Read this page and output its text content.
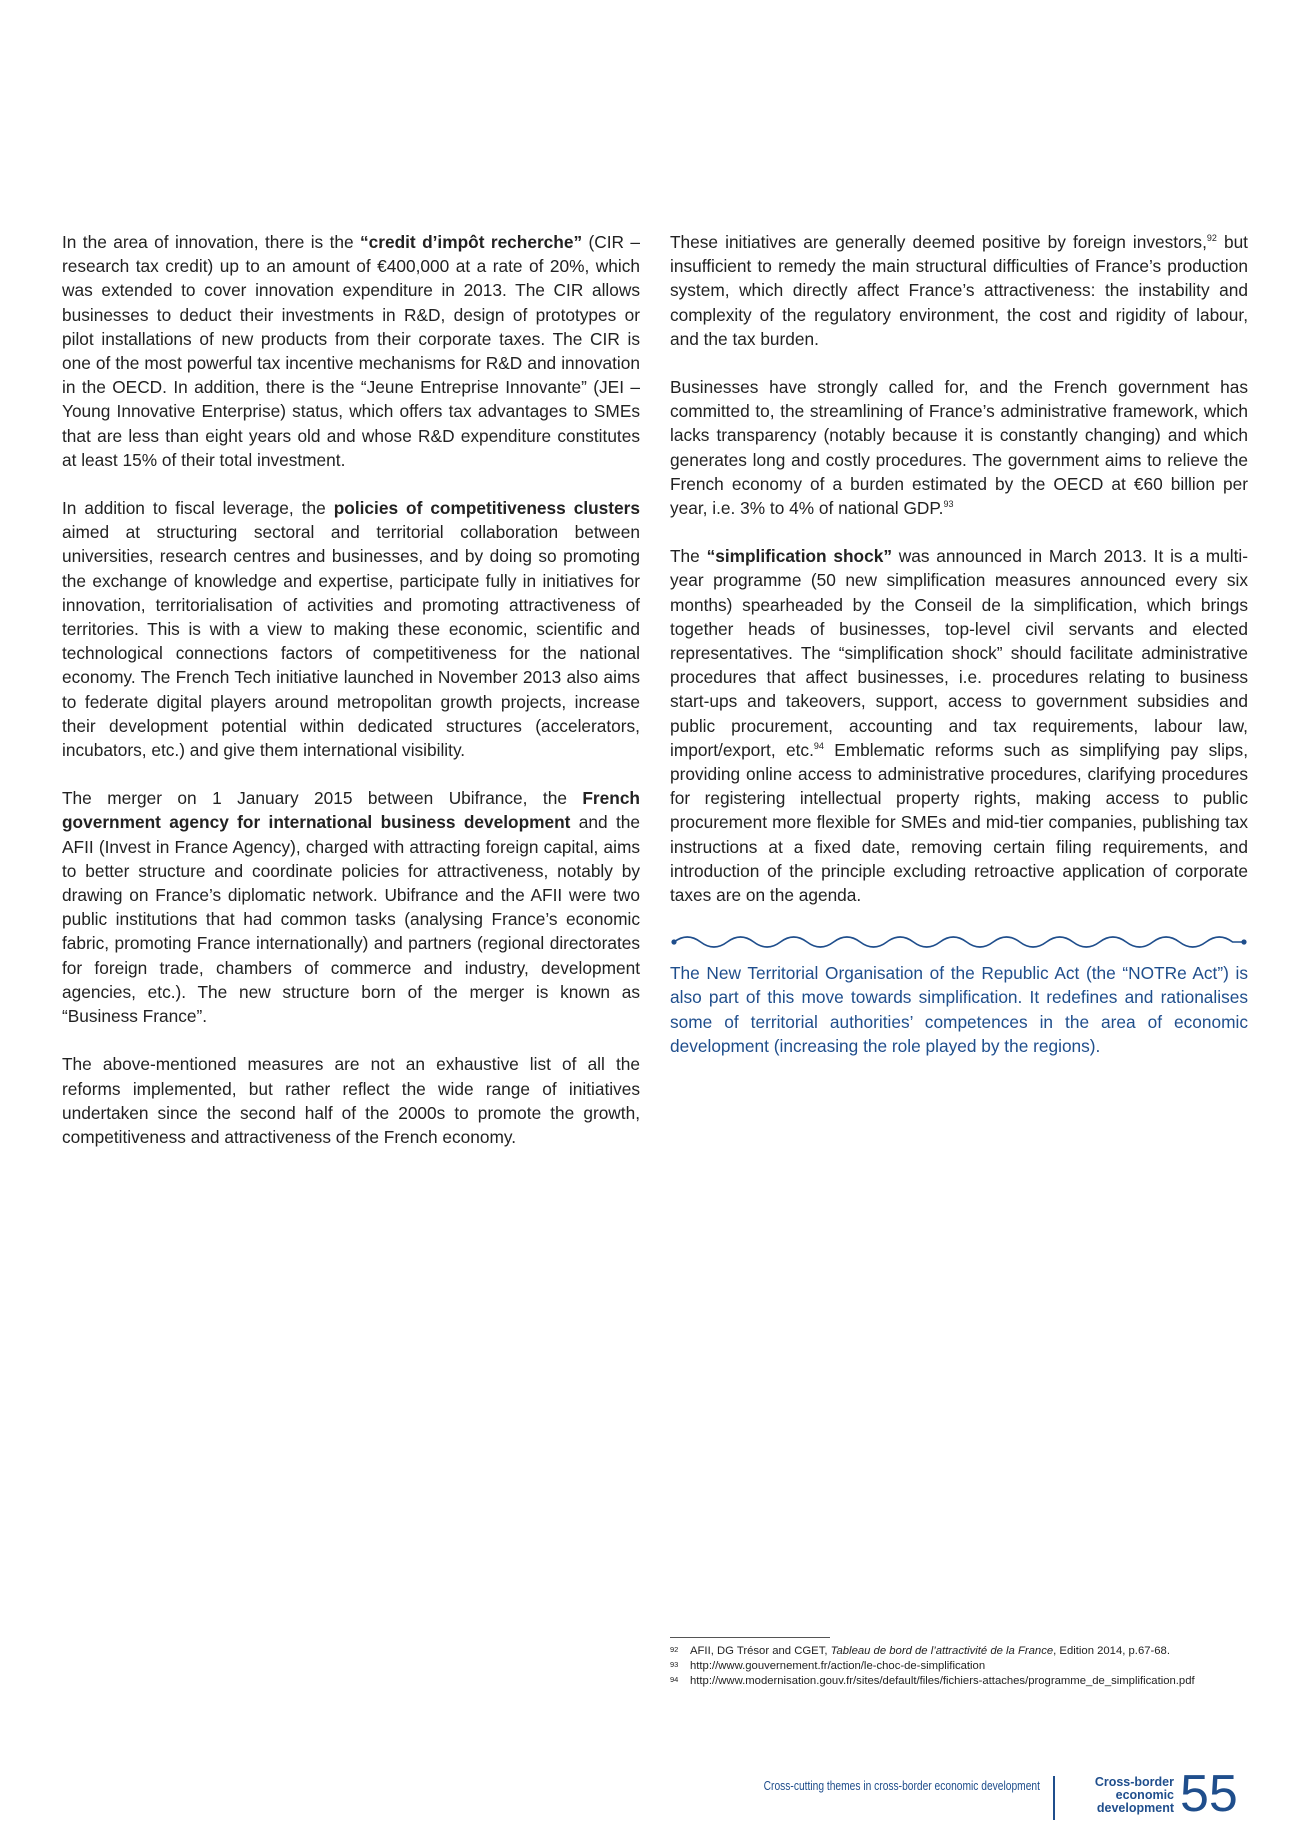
In the area of innovation, there is the “credit d’impôt recherche” (CIR – research tax credit) up to an amount of €400,000 at a rate of 20%, which was extended to cover innovation expenditure in 2013. The CIR allows businesses to deduct their investments in R&D, design of prototypes or pilot installations of new products from their corporate taxes. The CIR is one of the most powerful tax incentive mechanisms for R&D and innovation in the OECD. In addition, there is the “Jeune Entreprise Innovante” (JEI – Young Innovative Enterprise) status, which offers tax advantages to SMEs that are less than eight years old and whose R&D expenditure constitutes at least 15% of their total investment.

In addition to fiscal leverage, the policies of competitiveness clusters aimed at structuring sectoral and territorial collaboration between universities, research centres and businesses, and by doing so promoting the exchange of knowledge and expertise, participate fully in initiatives for innovation, territorialisation of activities and promoting attractiveness of territories. This is with a view to making these economic, scientific and technological connections factors of competitiveness for the national economy. The French Tech initiative launched in November 2013 also aims to federate digital players around metropolitan growth projects, increase their development potential within dedicated structures (accelerators, incubators, etc.) and give them international visibility.

The merger on 1 January 2015 between Ubifrance, the French government agency for international business development and the AFII (Invest in France Agency), charged with attracting foreign capital, aims to better structure and coordinate policies for attractiveness, notably by drawing on France’s diplomatic network. Ubifrance and the AFII were two public institutions that had common tasks (analysing France’s economic fabric, promoting France internationally) and partners (regional directorates for foreign trade, chambers of commerce and industry, development agencies, etc.). The new structure born of the merger is known as “Business France”.

The above-mentioned measures are not an exhaustive list of all the reforms implemented, but rather reflect the wide range of initiatives undertaken since the second half of the 2000s to promote the growth, competitiveness and attractiveness of the French economy.

These initiatives are generally deemed positive by foreign investors,$^{92}$ but insufficient to remedy the main structural difficulties of France’s production system, which directly affect France’s attractiveness: the instability and complexity of the regulatory environment, the cost and rigidity of labour, and the tax burden.

Businesses have strongly called for, and the French government has committed to, the streamlining of France’s administrative framework, which lacks transparency (notably because it is constantly changing) and which generates long and costly procedures. The government aims to relieve the French economy of a burden estimated by the OECD at €60 billion per year, i.e. 3% to 4% of national GDP.$^{93}$

The “simplification shock” was announced in March 2013. It is a multi-year programme (50 new simplification measures announced every six months) spearheaded by the Conseil de la simplification, which brings together heads of businesses, top-level civil servants and elected representatives. The “simplification shock” should facilitate administrative procedures that affect businesses, i.e. procedures relating to business start-ups and takeovers, support, access to government subsidies and public procurement, accounting and tax requirements, labour law, import/export, etc.$^{94}$ Emblematic reforms such as simplifying pay slips, providing online access to administrative procedures, clarifying procedures for registering intellectual property rights, making access to public procurement more flexible for SMEs and mid-tier companies, publishing tax instructions at a fixed date, removing certain filing requirements, and introduction of the principle excluding retroactive application of corporate taxes are on the agenda.

The New Territorial Organisation of the Republic Act (the “NOTRe Act”) is also part of this move towards simplification. It redefines and rationalises some of territorial authorities’ competences in the area of economic development (increasing the role played by the regions).

92 AFII, DG Trésor and CGET, Tableau de bord de l’attractivité de la France, Edition 2014, p.67-68.
93 http://www.gouvernement.fr/action/le-choc-de-simplification
94 http://www.modernisation.gouv.fr/sites/default/files/fichiers-attaches/programme_de_simplification.pdf
Cross-cutting themes in cross-border economic development	Cross-border
economic
development 55
